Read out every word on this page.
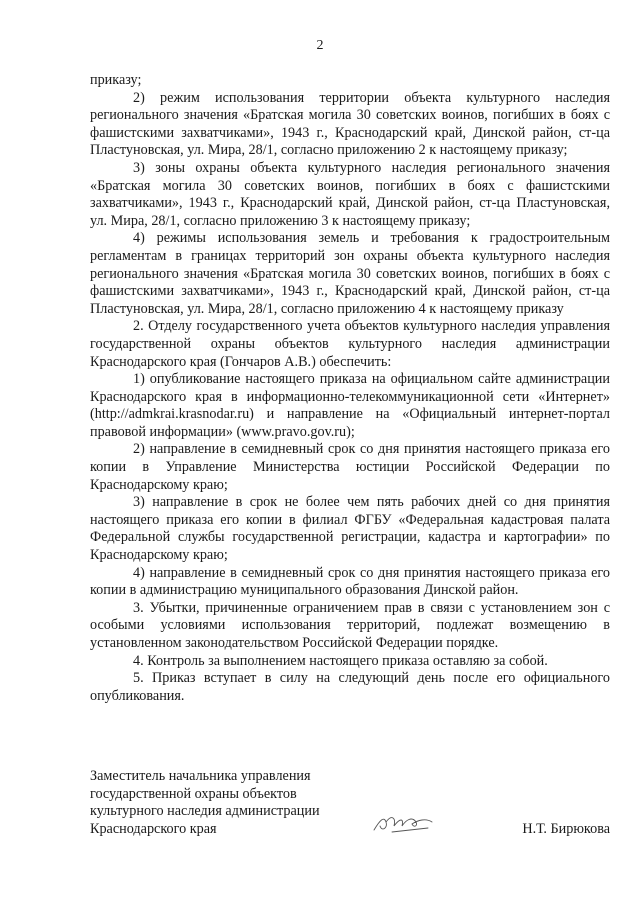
2

приказу;

2) режим использования территории объекта культурного наследия регионального значения «Братская могила 30 советских воинов, погибших в боях с фашистскими захватчиками», 1943 г., Краснодарский край, Динской район, ст-ца Пластуновская, ул. Мира, 28/1, согласно приложению 2 к настоящему приказу;

3) зоны охраны объекта культурного наследия регионального значения «Братская могила 30 советских воинов, погибших в боях с фашистскими захватчиками», 1943 г., Краснодарский край, Динской район, ст-ца Пластуновская, ул. Мира, 28/1, согласно приложению 3 к настоящему приказу;

4) режимы использования земель и требования к градостроительным регламентам в границах территорий зон охраны объекта культурного наследия регионального значения «Братская могила 30 советских воинов, погибших в боях с фашистскими захватчиками», 1943 г., Краснодарский край, Динской район, ст-ца Пластуновская, ул. Мира, 28/1, согласно приложению 4 к настоящему приказу

2. Отделу государственного учета объектов культурного наследия управления государственной охраны объектов культурного наследия администрации Краснодарского края (Гончаров А.В.) обеспечить:

1) опубликование настоящего приказа на официальном сайте администрации Краснодарского края в информационно-телекоммуникационной сети «Интернет» (http://admkrai.krasnodar.ru) и направление на «Официальный интернет-портал правовой информации» (www.pravo.gov.ru);

2) направление в семидневный срок со дня принятия настоящего приказа его копии в Управление Министерства юстиции Российской Федерации по Краснодарскому краю;

3) направление в срок не более чем пять рабочих дней со дня принятия настоящего приказа его копии в филиал ФГБУ «Федеральная кадастровая палата Федеральной службы государственной регистрации, кадастра и картографии» по Краснодарскому краю;

4) направление в семидневный срок со дня принятия настоящего приказа его копии в администрацию муниципального образования Динской район.

3. Убытки, причиненные ограничением прав в связи с установлением зон с особыми условиями использования территорий, подлежат возмещению в установленном законодательством Российской Федерации порядке.

4. Контроль за выполнением настоящего приказа оставляю за собой.

5. Приказ вступает в силу на следующий день после его официального опубликования.

Заместитель начальника управления

государственной охраны объектов

культурного наследия администрации

Краснодарского края	Н.Т. Бирюкова
